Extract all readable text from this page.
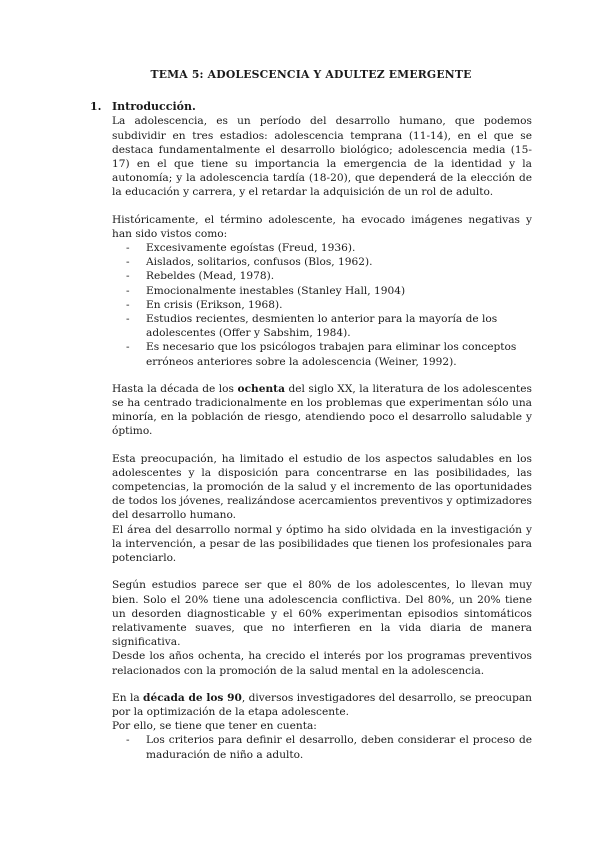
TEMA 5: ADOLESCENCIA Y ADULTEZ EMERGENTE
1. Introducción.

La adolescencia, es un período del desarrollo humano, que podemos subdividir en tres estadios: adolescencia temprana (11-14), en el que se destaca fundamentalmente el desarrollo biológico; adolescencia media (15-17) en el que tiene su importancia la emergencia de la identidad y la autonomía; y la adolescencia tardía (18-20), que dependerá de la elección de la educación y carrera, y el retardar la adquisición de un rol de adulto.

Históricamente, el término adolescente, ha evocado imágenes negativas y han sido vistos como:

- Excesivamente egoístas (Freud, 1936).
- Aislados, solitarios, confusos (Blos, 1962).
- Rebeldes (Mead, 1978).
- Emocionalmente inestables (Stanley Hall, 1904)
- En crisis (Erikson, 1968).
- Estudios recientes, desmienten lo anterior para la mayoría de los adolescentes (Offer y Sabshim, 1984).
- Es necesario que los psicólogos trabajen para eliminar los conceptos erróneos anteriores sobre la adolescencia (Weiner, 1992).

Hasta la década de los ochenta del siglo XX, la literatura de los adolescentes se ha centrado tradicionalmente en los problemas que experimentan sólo una minoría, en la población de riesgo, atendiendo poco el desarrollo saludable y óptimo.

Esta preocupación, ha limitado el estudio de los aspectos saludables en los adolescentes y la disposición para concentrarse en las posibilidades, las competencias, la promoción de la salud y el incremento de las oportunidades de todos los jóvenes, realizándose acercamientos preventivos y optimizadores del desarrollo humano.

El área del desarrollo normal y óptimo ha sido olvidada en la investigación y la intervención, a pesar de las posibilidades que tienen los profesionales para potenciarlo.

Según estudios parece ser que el 80% de los adolescentes, lo llevan muy bien. Solo el 20% tiene una adolescencia conflictiva. Del 80%, un 20% tiene un desorden diagnosticable y el 60% experimentan episodios sintomáticos relativamente suaves, que no interfieren en la vida diaria de manera significativa.

Desde los años ochenta, ha crecido el interés por los programas preventivos relacionados con la promoción de la salud mental en la adolescencia.

En la década de los 90, diversos investigadores del desarrollo, se preocupan por la optimización de la etapa adolescente.

Por ello, se tiene que tener en cuenta:

- Los criterios para definir el desarrollo, deben considerar el proceso de maduración de niño a adulto.
